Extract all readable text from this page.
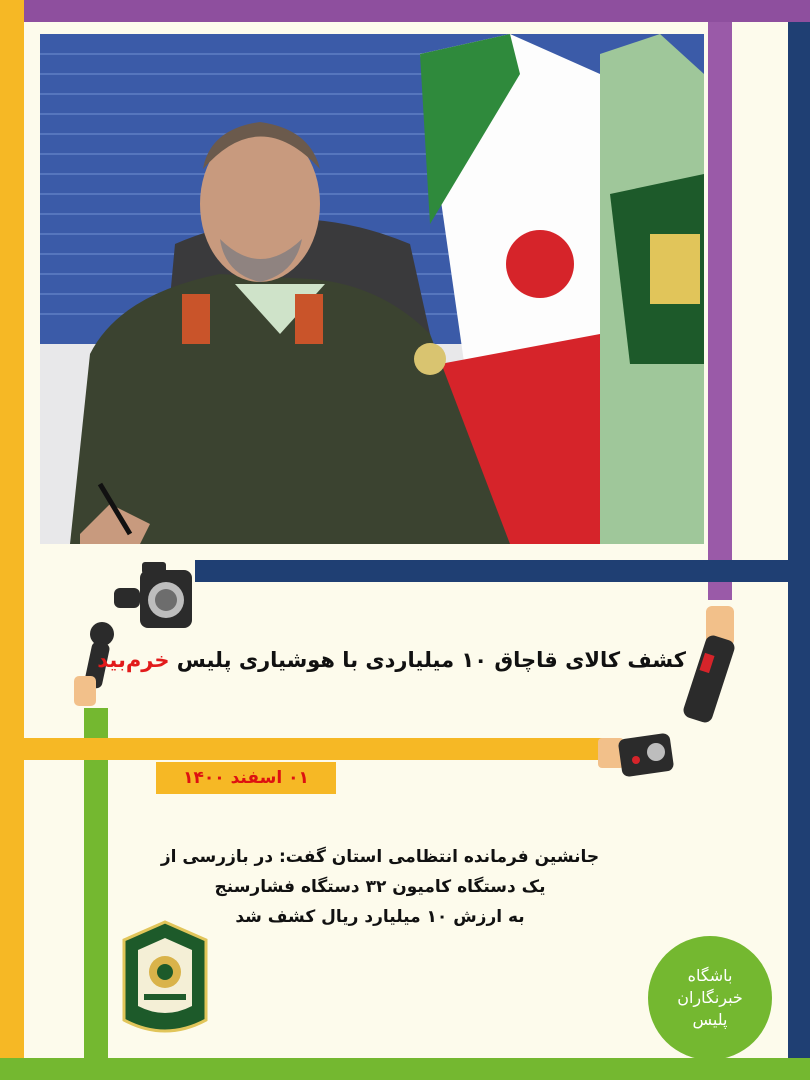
کشف کالای قاچاق ۱۰ میلیاردی با هوشیاری پلیس خرم‌بید
۰۱ اسفند ۱۴۰۰
جانشین فرمانده انتظامی استان گفت: در بازرسی از
یک دستگاه کامیون ۳۲ دستگاه فشارسنج
به ارزش ۱۰ میلیارد ریال کشف شد
باشگاه
خبرنگاران
پلیس
